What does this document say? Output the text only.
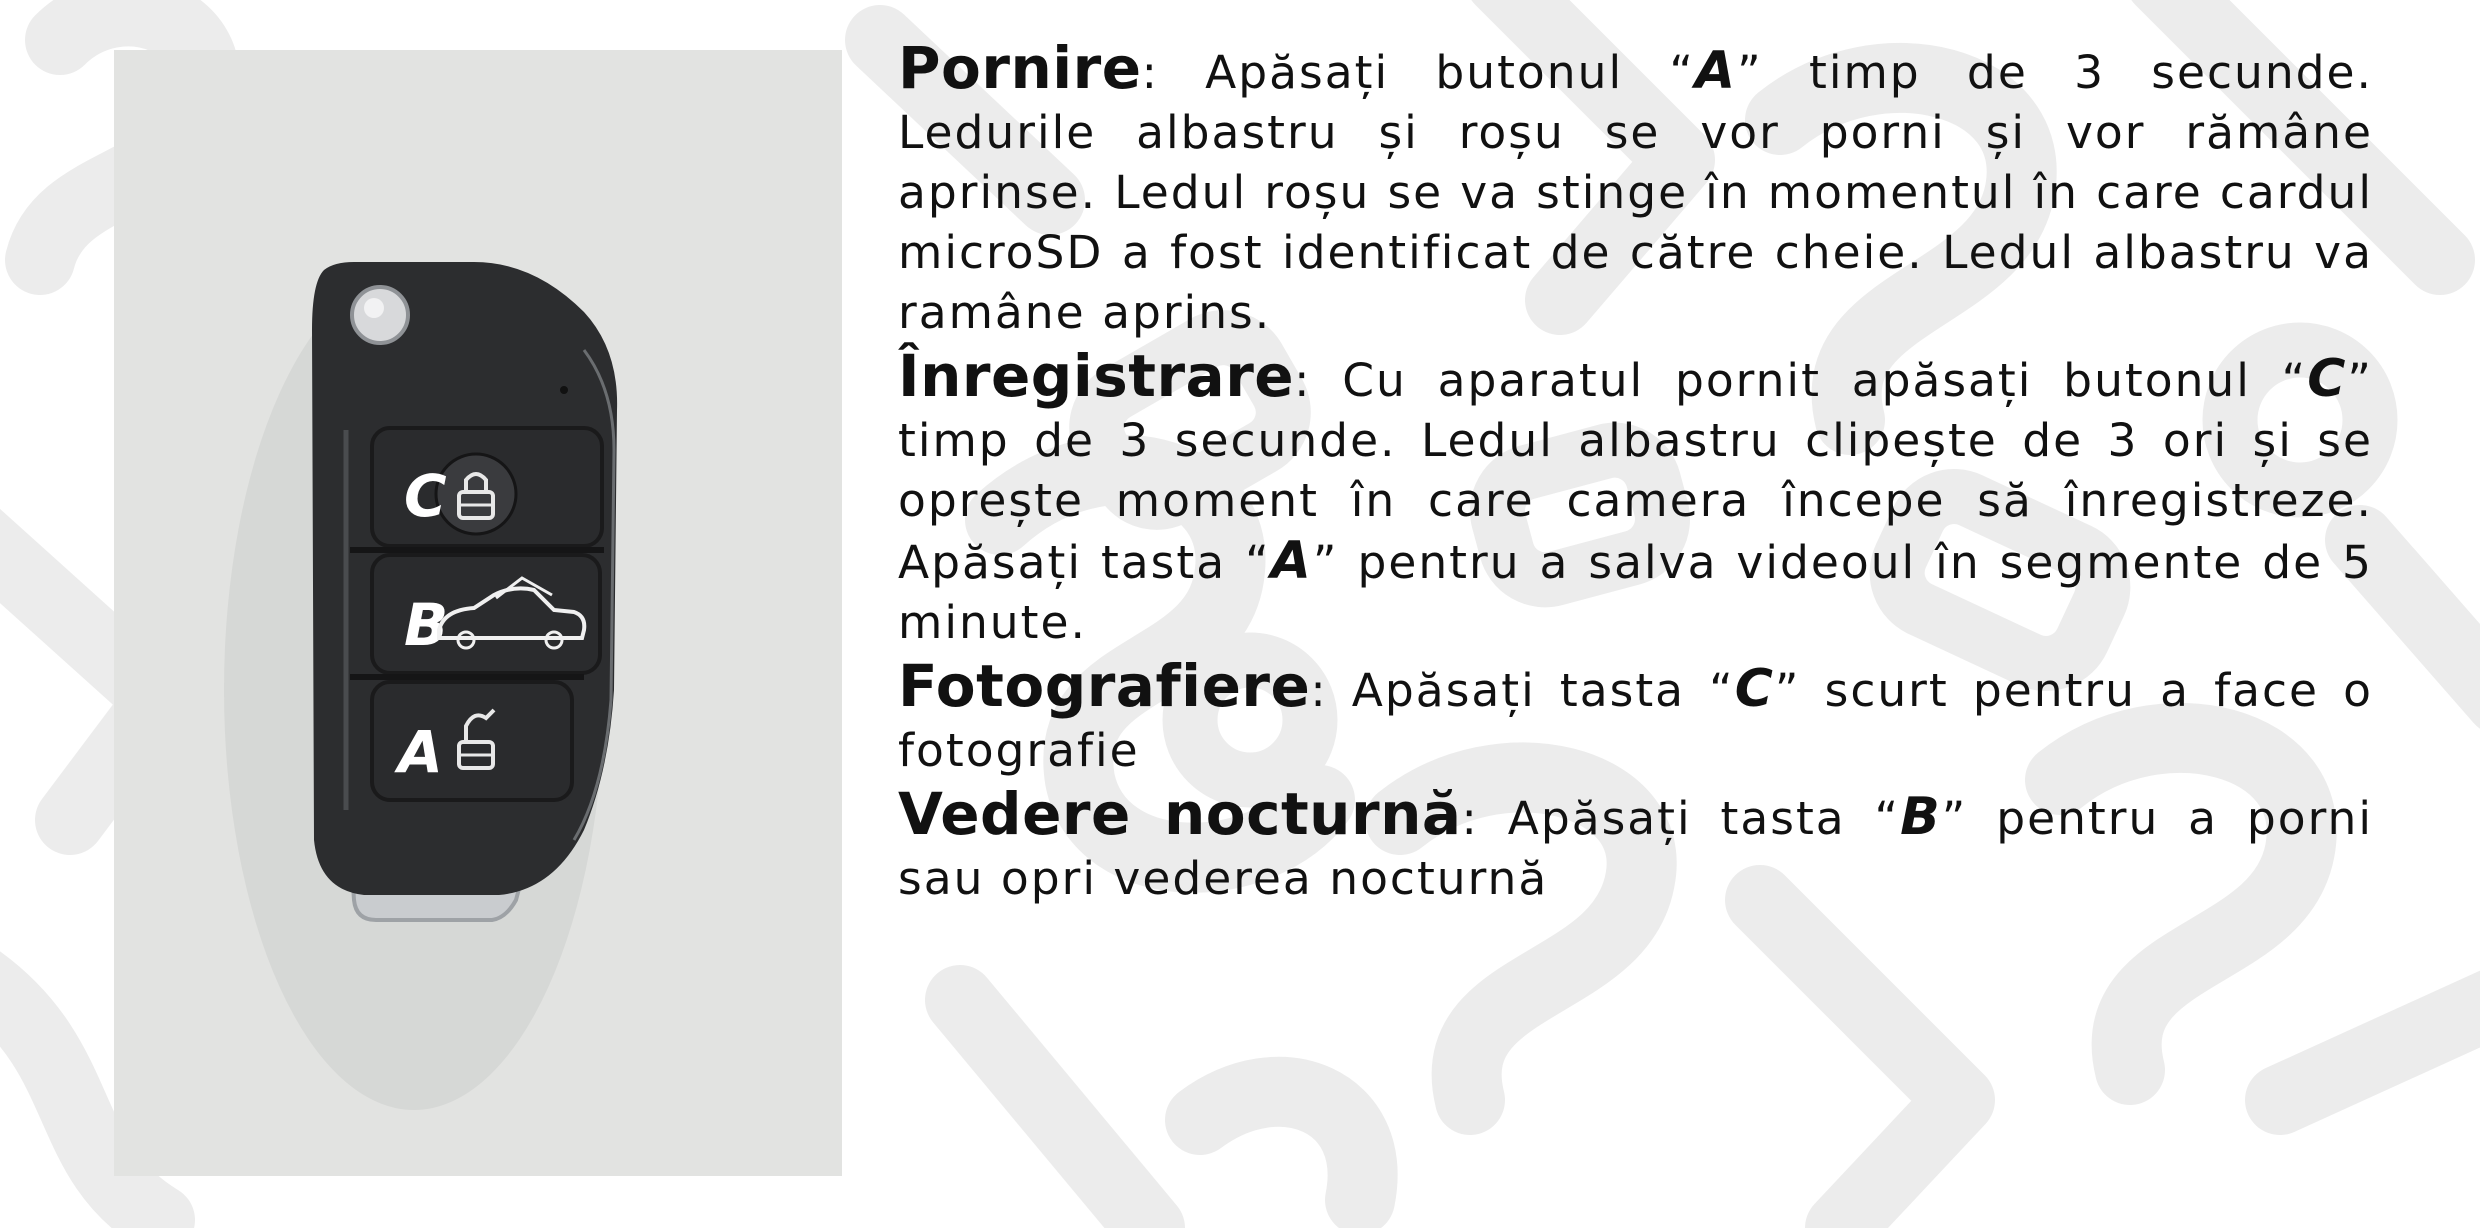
C
B
A

Pornire: Apăsați butonul “A” timp de 3 secunde. Ledurile albastru și roșu se vor porni și vor rămâne aprinse. Ledul roșu se va stinge în momentul în care cardul microSD a fost identificat de către cheie. Ledul albastru va ramâne aprins.

Înregistrare: Cu aparatul pornit apăsați butonul “C” timp de 3 secunde. Ledul albastru clipește de 3 ori și se oprește moment în care camera începe să înregistreze. Apăsați tasta “A” pentru a salva videoul în segmente de 5 minute.

Fotografiere: Apăsați tasta “C” scurt pentru a face o fotografie

Vedere nocturnă: Apăsați tasta “B” pentru a porni sau opri vederea nocturnă
